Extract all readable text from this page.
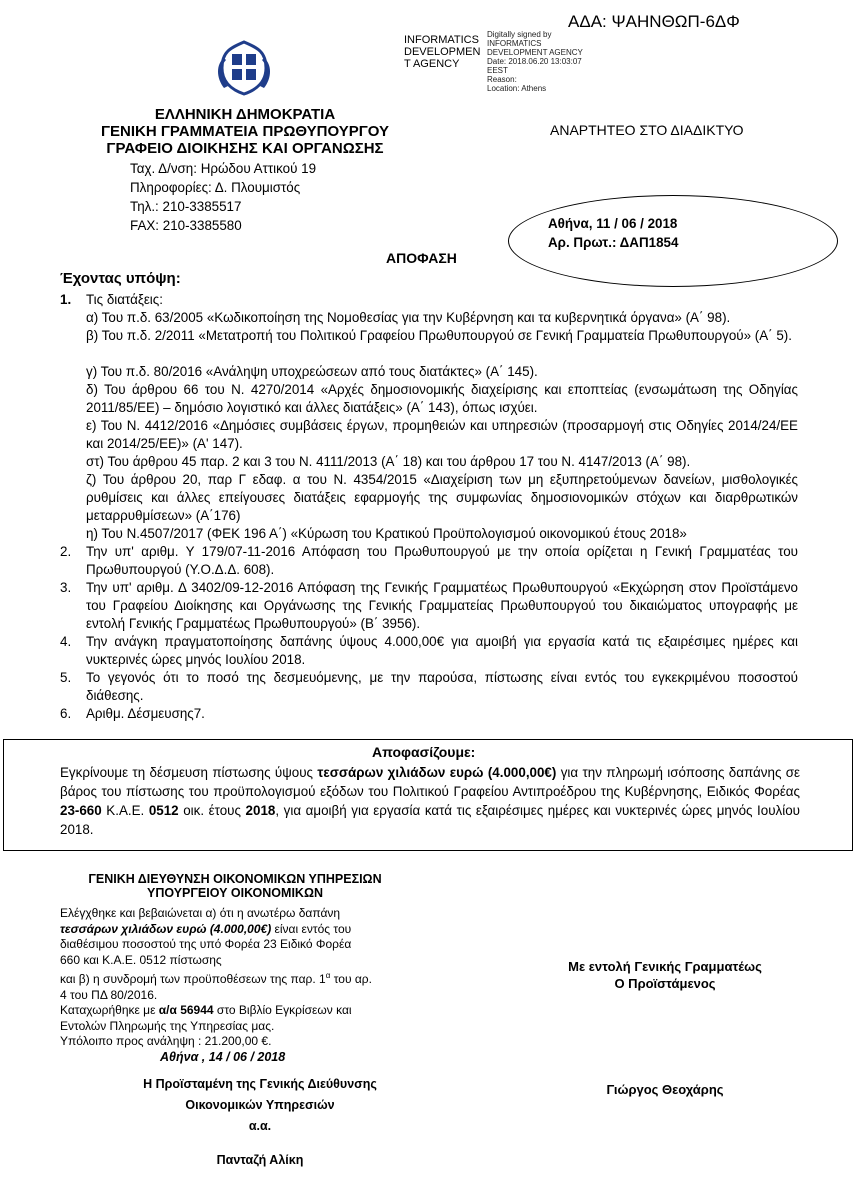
ΑΔΑ: ΨΑΗΝΘΩΠ-6ΔΦ
INFORMATICS
DEVELOPMEN
T AGENCY
Digitally signed by
INFORMATICS
DEVELOPMENT AGENCY
Date: 2018.06.20 13:03:07
EEST
Reason:
Location: Athens
ΕΛΛΗΝΙΚΗ ΔΗΜΟΚΡΑΤΙΑ
ΓΕΝΙΚΗ ΓΡΑΜΜΑΤΕΙΑ ΠΡΩΘΥΠΟΥΡΓΟΥ
ΓΡΑΦΕΙΟ ΔΙΟΙΚΗΣΗΣ ΚΑΙ ΟΡΓΑΝΩΣΗΣ
Ταχ. Δ/νση: Ηρώδου Αττικού 19
Πληροφορίες: Δ. Πλουμιστός
Τηλ.: 210-3385517
FAX: 210-3385580
ΑΝΑΡΤΗΤΕΟ ΣΤΟ ΔΙΑΔΙΚΤΥΟ
Αθήνα, 11 / 06 / 2018
Αρ. Πρωτ.: ΔΑΠ1854
ΑΠΟΦΑΣΗ
Έχοντας υπόψη:
1. Τις διατάξεις:
α) Του π.δ. 63/2005 «Κωδικοποίηση της Νομοθεσίας για την Κυβέρνηση και τα κυβερνητικά όργανα» (Α΄ 98).
β) Του π.δ. 2/2011 «Μετατροπή του Πολιτικού Γραφείου Πρωθυπουργού σε Γενική Γραμματεία Πρωθυπουργού» (Α΄ 5).
γ) Του π.δ. 80/2016 «Ανάληψη υποχρεώσεων από τους διατάκτες» (Α΄ 145).
δ) Του άρθρου 66 του Ν. 4270/2014 «Αρχές δημοσιονομικής διαχείρισης και εποπτείας (ενσωμάτωση της Οδηγίας 2011/85/ΕΕ) – δημόσιο λογιστικό και άλλες διατάξεις» (Α΄ 143), όπως ισχύει.
ε) Του Ν. 4412/2016 «Δημόσιες συμβάσεις έργων, προμηθειών και υπηρεσιών (προσαρμογή στις Οδηγίες 2014/24/ΕΕ και 2014/25/ΕΕ)» (Α' 147).
στ) Του άρθρου 45 παρ. 2 και 3 του Ν. 4111/2013 (Α΄ 18) και του άρθρου 17 του Ν. 4147/2013 (Α΄ 98).
ζ) Του άρθρου 20, παρ Γ εδαφ. α του Ν. 4354/2015 «Διαχείριση των μη εξυπηρετούμενων δανείων, μισθολογικές ρυθμίσεις και άλλες επείγουσες διατάξεις εφαρμογής της συμφωνίας δημοσιονομικών στόχων και διαρθρωτικών μεταρρυθμίσεων» (Α΄176)
η) Του Ν.4507/2017 (ΦΕΚ 196 Α΄) «Κύρωση του Κρατικού Προϋπολογισμού οικονομικού έτους 2018»
2. Την υπ' αριθμ. Υ 179/07-11-2016 Απόφαση του Πρωθυπουργού με την οποία ορίζεται η Γενική Γραμματέας του Πρωθυπουργού (Υ.Ο.Δ.Δ. 608).
3. Την υπ' αριθμ. Δ 3402/09-12-2016 Απόφαση της Γενικής Γραμματέως Πρωθυπουργού «Εκχώρηση στον Προϊστάμενο του Γραφείου Διοίκησης και Οργάνωσης της Γενικής Γραμματείας Πρωθυπουργού του δικαιώματος υπογραφής με εντολή Γενικής Γραμματέως Πρωθυπουργού» (Β΄ 3956).
4. Την ανάγκη πραγματοποίησης δαπάνης ύψους 4.000,00€ για αμοιβή για εργασία κατά τις εξαιρέσιμες ημέρες και νυκτερινές ώρες μηνός Ιουλίου 2018.
5. Το γεγονός ότι το ποσό της δεσμευόμενης, με την παρούσα, πίστωσης είναι εντός του εγκεκριμένου ποσοστού διάθεσης.
6. Αριθμ. Δέσμευσης7.
Αποφασίζουμε:
Εγκρίνουμε τη δέσμευση πίστωσης ύψους τεσσάρων χιλιάδων ευρώ (4.000,00€) για την πληρωμή ισόποσης δαπάνης σε βάρος του πίστωσης του προϋπολογισμού εξόδων του Πολιτικού Γραφείου Αντιπροέδρου της Κυβέρνησης, Ειδικός Φορέας 23-660 Κ.Α.Ε. 0512 οικ. έτους 2018, για αμοιβή για εργασία κατά τις εξαιρέσιμες ημέρες και νυκτερινές ώρες μηνός Ιουλίου 2018.
ΓΕΝΙΚΗ ΔΙΕΥΘΥΝΣΗ ΟΙΚΟΝΟΜΙΚΩΝ ΥΠΗΡΕΣΙΩΝ
ΥΠΟΥΡΓΕΙΟΥ ΟΙΚΟΝΟΜΙΚΩΝ
Ελέγχθηκε και βεβαιώνεται α) ότι η ανωτέρω δαπάνη
τεσσάρων χιλιάδων ευρώ (4.000,00€) είναι εντός του
διαθέσιμου ποσοστού της υπό Φορέα 23 Ειδικό Φορέα
660 και Κ.Α.Ε. 0512 πίστωσης
και β) η συνδρομή των προϋποθέσεων της παρ. $1^\alpha$ του αρ.
4 του ΠΔ 80/2016.
Καταχωρήθηκε με α/α 56944 στο Βιβλίο Εγκρίσεων και
Εντολών Πληρωμής της Υπηρεσίας μας.
Υπόλοιπο προς ανάληψη : 21.200,00 €.
Αθήνα , 14 / 06 / 2018
Η Προϊσταμένη της Γενικής Διεύθυνσης
Οικονομικών Υπηρεσιών
α.α.
Πανταζή Αλίκη
Με εντολή Γενικής Γραμματέως
Ο Προϊστάμενος
Γιώργος Θεοχάρης
